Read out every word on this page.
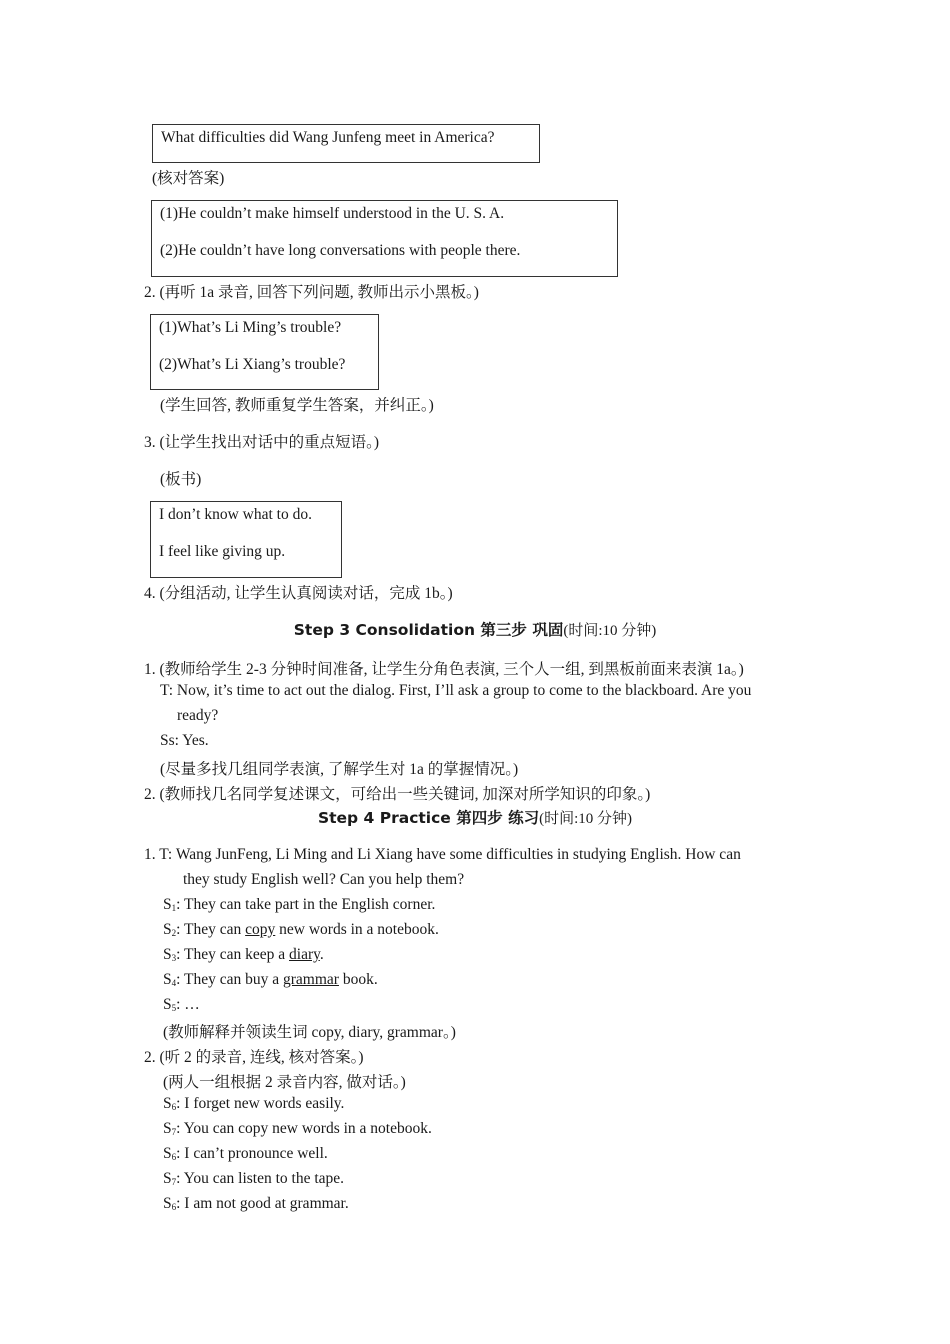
What difficulties did Wang Junfeng meet in America?
(核对答案)
(1)He couldn’t make himself understood in the U. S. A.
(2)He couldn’t have long conversations with people there.
2. (再听 1a 录音, 回答下列问题, 教师出示小黑板。)
(1)What’s Li Ming’s trouble?
(2)What’s Li Xiang’s trouble?
(学生回答, 教师重复学生答案，并纠正。)
3. (让学生找出对话中的重点短语。)
(板书)
I don’t know what to do.
I feel like giving up.
4. (分组活动, 让学生认真阅读对话，完成 1b。)
Step 3 Consolidation 第三步 巩固(时间:10 分钟)
1. (教师给学生 2-3 分钟时间准备, 让学生分角色表演, 三个人一组, 到黑板前面来表演 1a。)
T: Now, it’s time to act out the dialog. First, I’ll ask a group to come to the blackboard. Are you
ready?
Ss: Yes.
(尽量多找几组同学表演, 了解学生对 1a 的掌握情况。)
2. (教师找几名同学复述课文，可给出一些关键词, 加深对所学知识的印象。)
Step 4 Practice 第四步 练习(时间:10 分钟)
1. T: Wang JunFeng, Li Ming and Li Xiang have some difficulties in studying English. How can
they study English well? Can you help them?
$S_1$: They can take part in the English corner.
$S_2$: They can copy new words in a notebook.
$S_3$: They can keep a diary.
$S_4$: They can buy a grammar book.
$S_5$: …
(教师解释并领读生词 copy, diary, grammar。)
2. (听 2 的录音, 连线, 核对答案。)
(两人一组根据 2 录音内容, 做对话。)
$S_6$: I forget new words easily.
$S_7$: You can copy new words in a notebook.
$S_6$: I can’t pronounce well.
$S_7$: You can listen to the tape.
$S_6$: I am not good at grammar.
